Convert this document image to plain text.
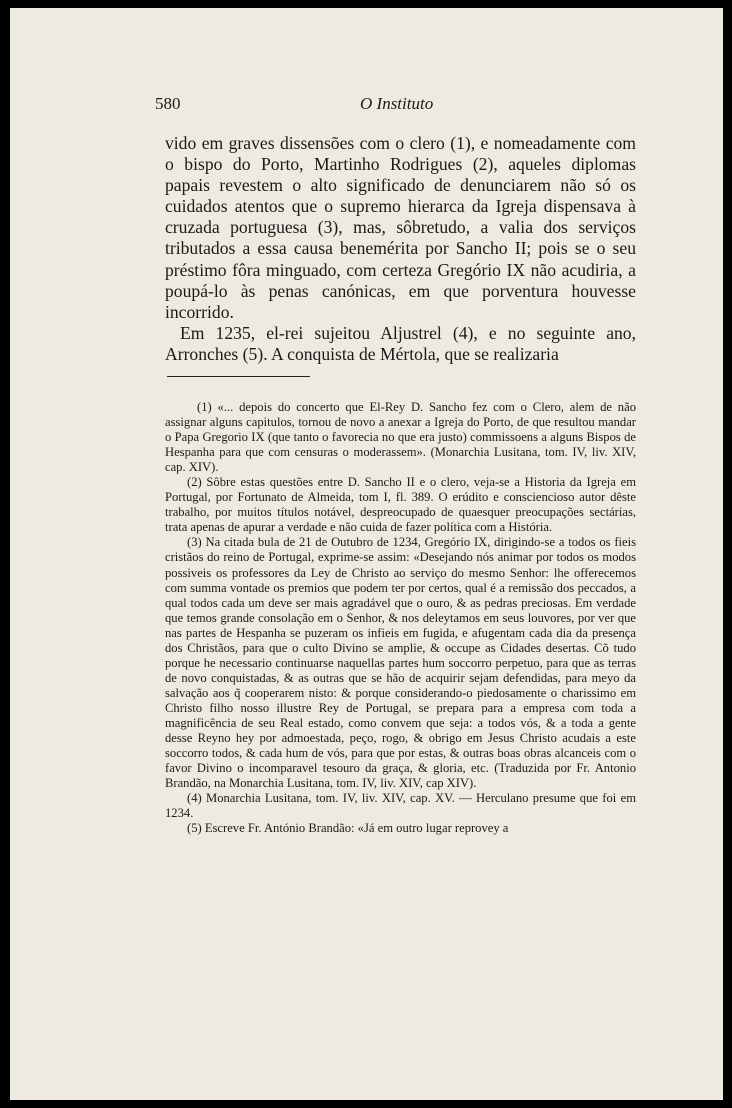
580	O Instituto

vido em graves dissensões com o clero (1), e nomeadamente com o bispo do Porto, Martinho Rodrigues (2), aqueles diplomas papais revestem o alto significado de denunciarem não só os cuidados atentos que o supremo hierarca da Igreja dispensava à cruzada portuguesa (3), mas, sôbretudo, a valia dos serviços tributados a essa causa benemérita por Sancho II; pois se o seu préstimo fôra minguado, com certeza Gregório IX não acudiria, a poupá-lo às penas canónicas, em que porventura houvesse incorrido.

Em 1235, el-rei sujeitou Aljustrel (4), e no seguinte ano, Arronches (5). A conquista de Mértola, que se realizaria

(1) «... depois do concerto que El-Rey D. Sancho fez com o Clero, alem de não assignar alguns capitulos, tornou de novo a anexar a Igreja do Porto, de que resultou mandar o Papa Gregorio IX (que tanto o favorecia no que era justo) commissoens a alguns Bispos de Hespanha para que com censuras o moderassem». (Monarchia Lusitana, tom. IV, liv. XIV, cap. XIV).

(2) Sôbre estas questões entre D. Sancho II e o clero, veja-se a Historia da Igreja em Portugal, por Fortunato de Almeida, tom I, fl. 389. O erúdito e consciencioso autor dêste trabalho, por muitos títulos notável, despreocupado de quaesquer preocupações sectárias, trata apenas de apurar a verdade e não cuida de fazer política com a História.

(3) Na citada bula de 21 de Outubro de 1234, Gregório IX, dirigindo-se a todos os fieis cristãos do reino de Portugal, exprime-se assim: «Desejando nós animar por todos os modos possiveis os professores da Ley de Christo ao serviço do mesmo Senhor: lhe offerecemos com summa vontade os premios que podem ter por certos, qual é a remissão dos peccados, a qual todos cada um deve ser mais agradável que o ouro, & as pedras preciosas. Em verdade que temos grande consolação em o Senhor, & nos deleytamos em seus louvores, por ver que nas partes de Hespanha se puzeram os infieis em fugida, e afugentam cada dia da presença dos Christãos, para que o culto Divino se amplie, & occupe as Cidades desertas. Cõ tudo porque he necessario continuarse naquellas partes hum soccorro perpetuo, para que as terras de novo conquistadas, & as outras que se hão de acquirir sejam defendidas, para meyo da salvação aos q̃ cooperarem nisto: & porque considerando-o piedosamente o charissimo em Christo filho nosso illustre Rey de Portugal, se prepara para a empresa com toda a magnificência de seu Real estado, como convem que seja: a todos vós, & a toda a gente desse Reyno hey por admoestada, peço, rogo, & obrigo em Jesus Christo acudais a este soccorro todos, & cada hum de vós, para que por estas, & outras boas obras alcanceis com o favor Divino o incomparavel tesouro da graça, & gloria, etc. (Traduzida por Fr. Antonio Brandão, na Monarchia Lusitana, tom. IV, liv. XIV, cap XIV).

(4) Monarchia Lusitana, tom. IV, liv. XIV, cap. XV. — Herculano presume que foi em 1234.

(5) Escreve Fr. António Brandão: «Já em outro lugar reprovey a
